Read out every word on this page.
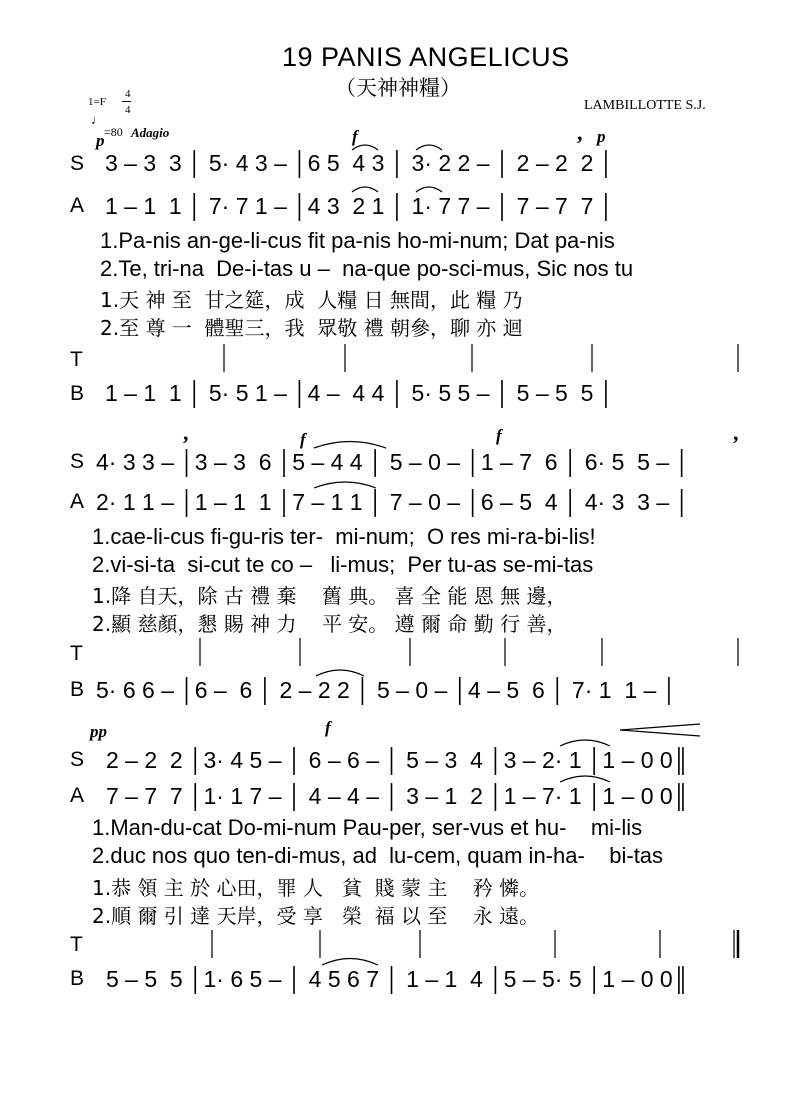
19 PANIS ANGELICUS
（天神神糧）
LAMBILLOTTE S.J.
1=F
4
4
♩
=80 Adagio
p	f	, p
,	f	f	,
pp	f
S 3 – 3  3 │ 5· 4 3 – │6 5  4 3 │ 3· 2 2 – │ 2 – 2  2 │
A 1 – 1  1 │ 7· 7 1 – │4 3  2 1 │ 1· 7 7 – │ 7 – 7  7 │
1.Pa-nis an-ge-li-cus fit pa-nis ho-mi-num; Dat pa-nis
2.Te, tri-na  De-i-tas u –  na-que po-sci-mus, Sic nos tu
1.天 神 至  甘之筵，成  人糧 日 無間，此 糧 乃
2.至 尊 一  體聖三，我  眾敬 禮 朝參，聊 亦 迴
T
B 1 – 1  1 │ 5· 5 1 – │4 –  4 4 │ 5· 5 5 – │ 5 – 5  5 │
S 4· 3 3 – │3 – 3  6 │5 – 4 4 │ 5 – 0 – │1 – 7  6 │ 6· 5  5 – │
A 2· 1 1 – │1 – 1  1 │7 – 1 1 │ 7 – 0 – │6 – 5  4 │ 4· 3  3 – │
1.cae-li-cus fi-gu-ris ter-  mi-num;  O res mi-ra-bi-lis!
2.vi-si-ta  si-cut te co –   li-mus;  Per tu-as se-mi-tas
1.降 自天，除 古 禮 棄    舊 典。 喜 全 能 恩 無 邊，
2.顯 慈顏，懇 賜 神 力    平 安。 遵 爾 命 勤 行 善，
T
B 5· 6 6 – │6 –  6 │ 2 – 2 2 │ 5 – 0 – │4 – 5  6 │ 7· 1  1 – │
S 2 – 2  2 │3· 4 5 – │ 6 – 6 – │ 5 – 3  4 │3 – 2· 1 │1 – 0 0║
A 7 – 7  7 │1· 1 7 – │ 4 – 4 – │ 3 – 1  2 │1 – 7· 1 │1 – 0 0║
1.Man-du-cat Do-mi-num Pau-per, ser-vus et hu-    mi-lis
2.duc nos quo ten-di-mus, ad  lu-cem, quam in-ha-    bi-tas
1.恭 領 主 於 心田，罪 人   貧  賤 蒙 主    矜 憐。
2.順 爾 引 達 天岸，受 享   榮  福 以 至    永 遠。
T
B 5 – 5  5 │1· 6 5 – │ 4 5 6 7 │ 1 – 1  4 │5 – 5· 5 │1 – 0 0║
